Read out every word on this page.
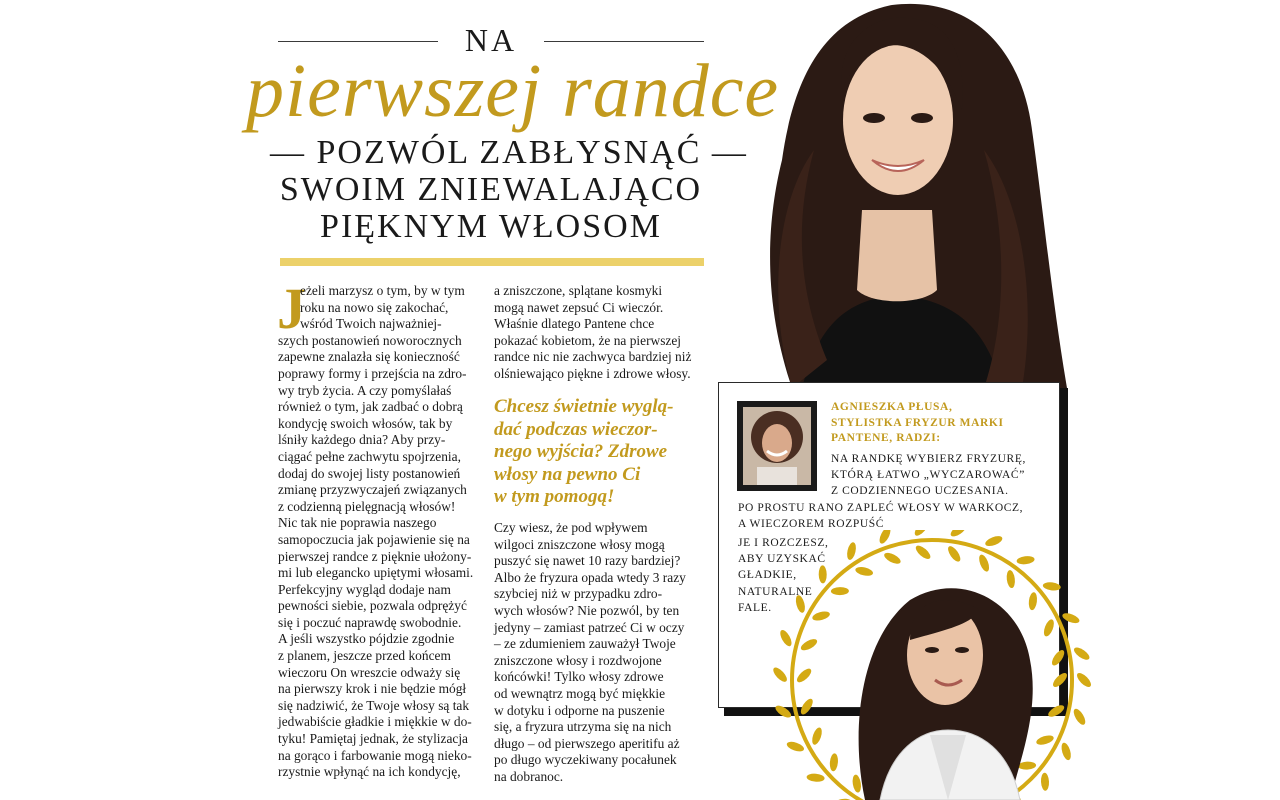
NA
pierwszej randce
— POZWÓL ZABŁYSNĄĆ —
SWOIM ZNIEWALAJĄCO
PIĘKNYM WŁOSOM
J
eżeli marzysz o tym, by w tym
roku na nowo się zakochać,
wśród Twoich najważniej-
szych postanowień noworocznych
zapewne znalazła się konieczność
poprawy formy i przejścia na zdro-
wy tryb życia. A czy pomyślałaś
również o tym, jak zadbać o dobrą
kondycję swoich włosów, tak by
lśniły każdego dnia? Aby przy-
ciągać pełne zachwytu spojrzenia,
dodaj do swojej listy postanowień
zmianę przyzwyczajeń związanych
z codzienną pielęgnacją włosów!
Nic tak nie poprawia naszego
samopoczucia jak pojawienie się na
pierwszej randce z pięknie ułożony-
mi lub elegancko upiętymi włosami.
Perfekcyjny wygląd dodaje nam
pewności siebie, pozwala odprężyć
się i poczuć naprawdę swobodnie.
A jeśli wszystko pójdzie zgodnie
z planem, jeszcze przed końcem
wieczoru On wreszcie odważy się
na pierwszy krok i nie będzie mógł
się nadziwić, że Twoje włosy są tak
jedwabiście gładkie i miękkie w do-
tyku! Pamiętaj jednak, że stylizacja
na gorąco i farbowanie mogą nieko-
rzystnie wpłynąć na ich kondycję,
a zniszczone, splątane kosmyki
mogą nawet zepsuć Ci wieczór.
Właśnie dlatego Pantene chce
pokazać kobietom, że na pierwszej
randce nic nie zachwyca bardziej niż
olśniewająco piękne i zdrowe włosy.
Chcesz świetnie wyglą-
dać podczas wieczor-
nego wyjścia? Zdrowe
włosy na pewno Ci
w tym pomogą!
Czy wiesz, że pod wpływem
wilgoci zniszczone włosy mogą
puszyć się nawet 10 razy bardziej?
Albo że fryzura opada wtedy 3 razy
szybciej niż w przypadku zdro-
wych włosów? Nie pozwól, by ten
jedyny – zamiast patrzeć Ci w oczy
– ze zdumieniem zauważył Twoje
zniszczone włosy i rozdwojone
końcówki! Tylko włosy zdrowe
od wewnątrz mogą być miękkie
w dotyku i odporne na puszenie
się, a fryzura utrzyma się na nich
długo – od pierwszego aperitifu aż
po długo wyczekiwany pocałunek
na dobranoc.
AGNIESZKA PŁUSA,
STYLISTKA FRYZUR MARKI
PANTENE, RADZI:
NA RANDKĘ WYBIERZ FRYZURĘ,
KTÓRĄ ŁATWO „WYCZAROWAĆ”
Z CODZIENNEGO UCZESANIA.
PO PROSTU RANO ZAPLEĆ WŁOSY W WARKOCZ,
A WIECZOREM ROZPUŚĆ
JE I ROZCZESZ,
ABY UZYSKAĆ
GŁADKIE,
NATURALNE
FALE.
